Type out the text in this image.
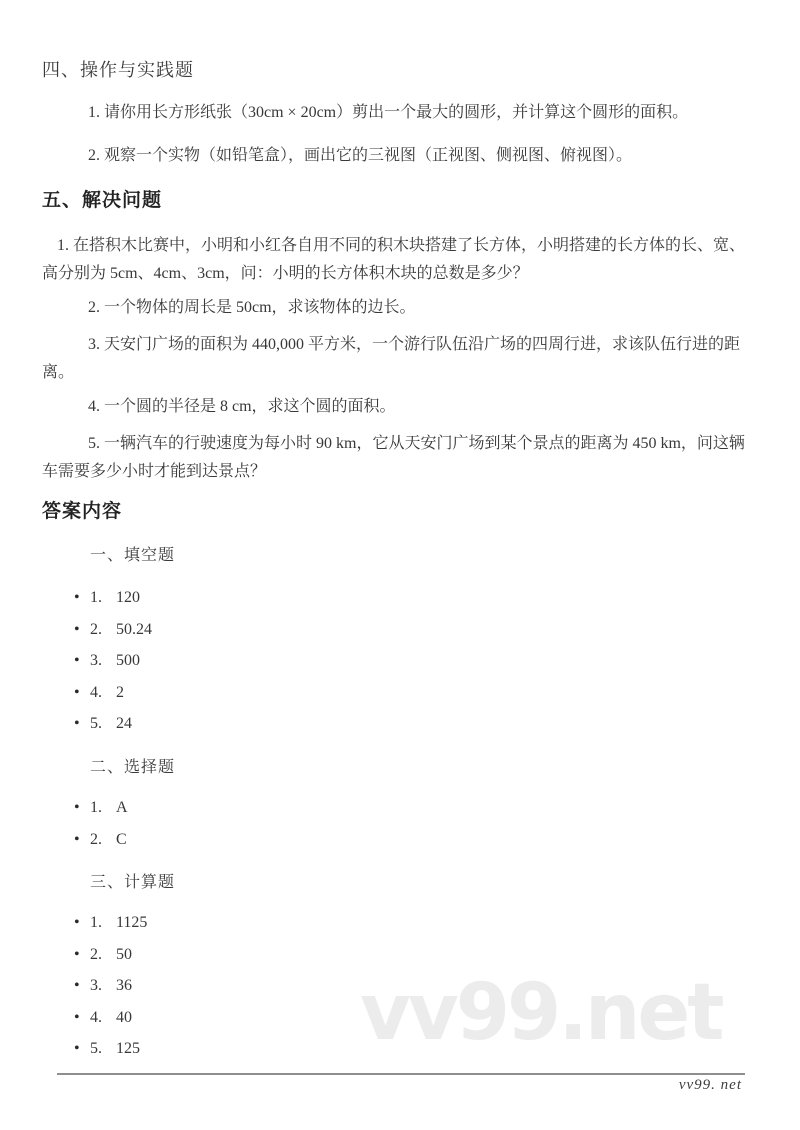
vv99.net
四、操作与实践题
1. 请你用长方形纸张（30cm × 20cm）剪出一个最大的圆形，并计算这个圆形的面积。
2. 观察一个实物（如铅笔盒），画出它的三视图（正视图、侧视图、俯视图）。
五、解决问题
1. 在搭积木比赛中，小明和小红各自用不同的积木块搭建了长方体，小明搭建的长方体的长、宽、高分别为 5cm、4cm、3cm，问：小明的长方体积木块的总数是多少？
2. 一个物体的周长是 50cm，求该物体的边长。
3. 天安门广场的面积为 440,000 平方米，一个游行队伍沿广场的四周行进，求该队伍行进的距离。
4. 一个圆的半径是 8 cm，求这个圆的面积。
5. 一辆汽车的行驶速度为每小时 90 km，它从天安门广场到某个景点的距离为 450 km，问这辆车需要多少小时才能到达景点？
答案内容
一、填空题
• 1. 120
• 2. 50.24
• 3. 500
• 4. 2
• 5. 24
二、选择题
• 1. A
• 2. C
三、计算题
• 1. 1125
• 2. 50
• 3. 36
• 4. 40
• 5. 125
vv99. net
